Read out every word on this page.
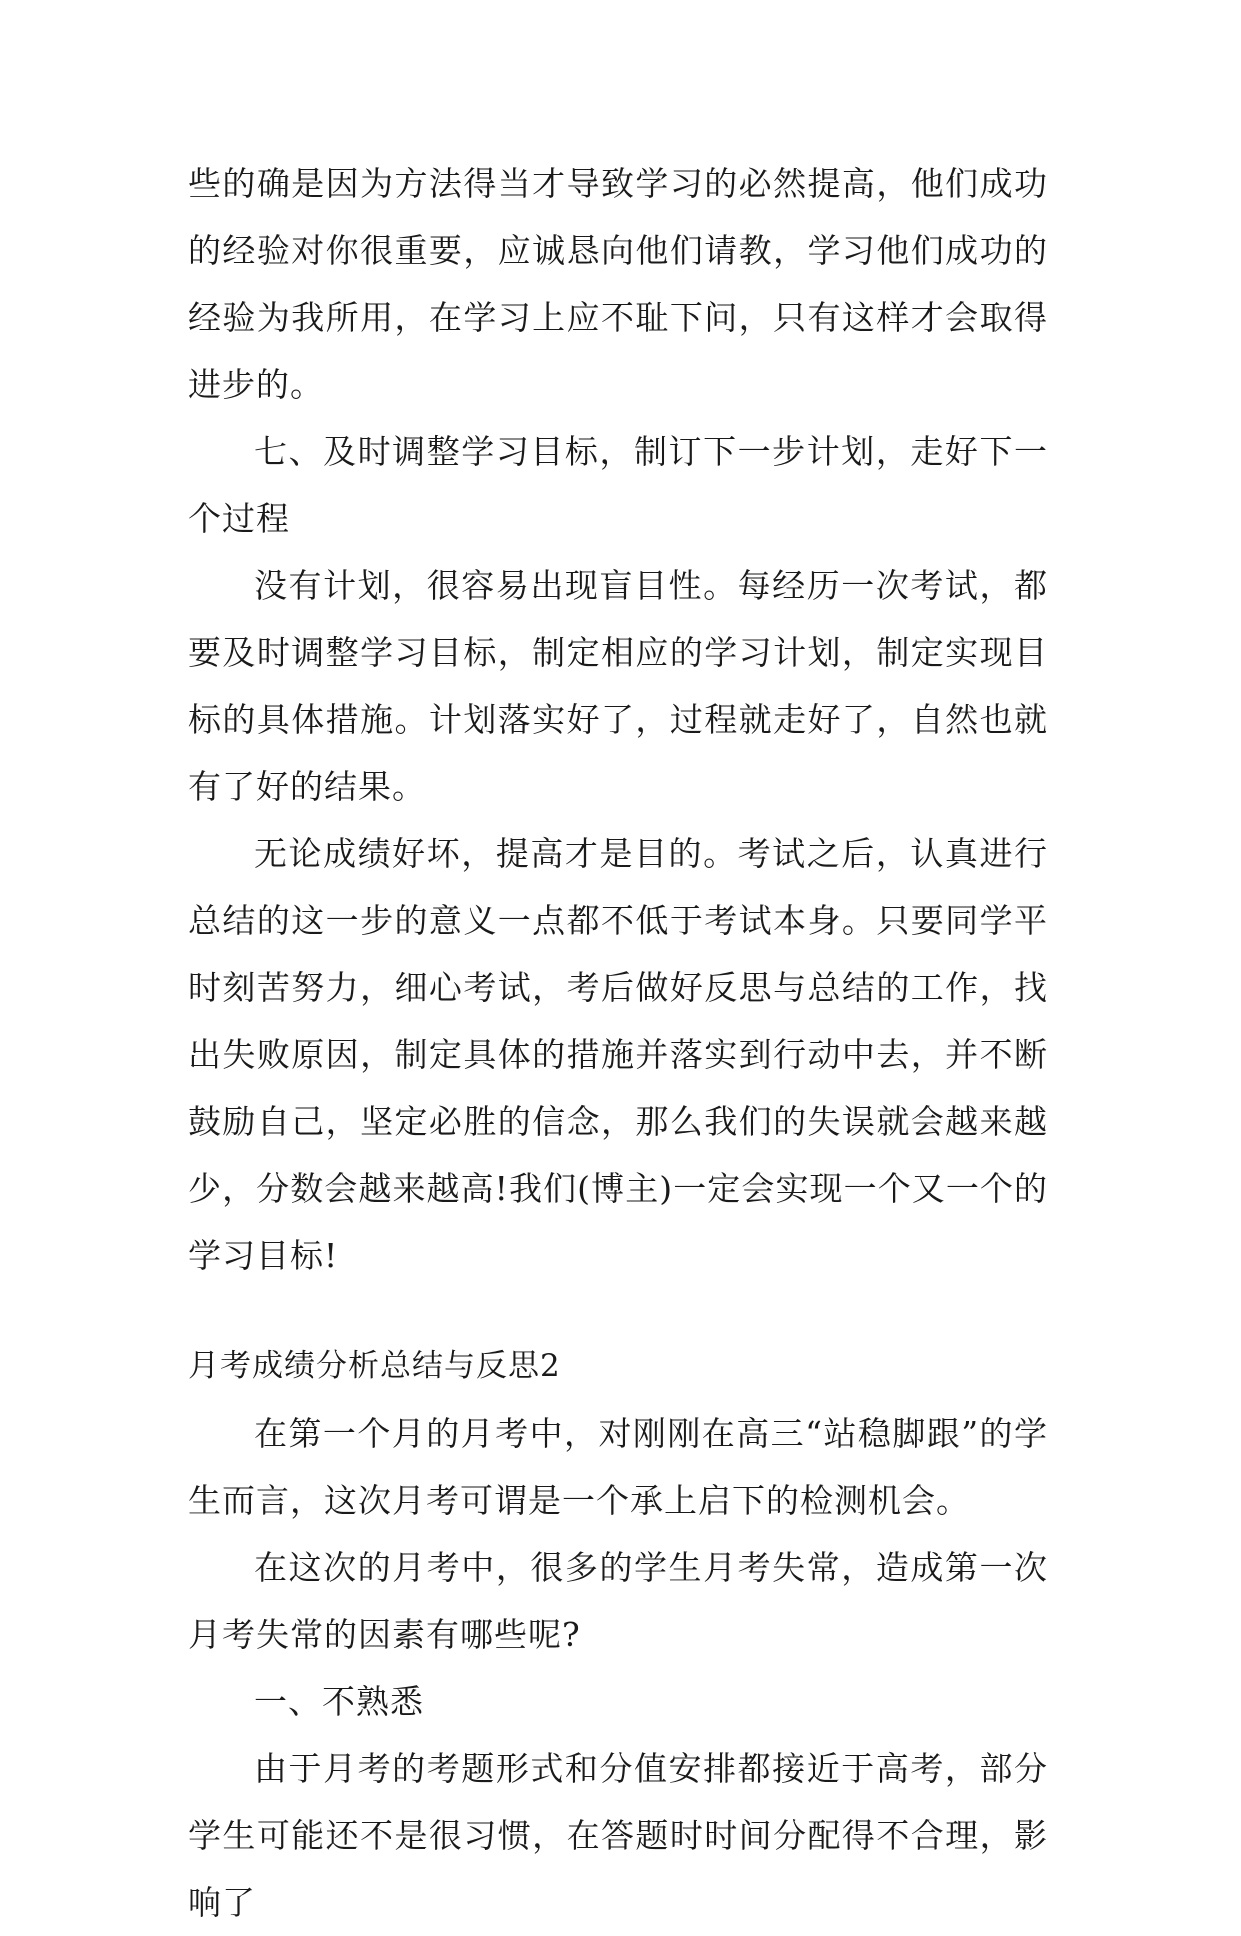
些的确是因为方法得当才导致学习的必然提高，他们成功的经验对你很重要，应诚恳向他们请教，学习他们成功的经验为我所用，在学习上应不耻下问，只有这样才会取得进步的。

七、及时调整学习目标，制订下一步计划，走好下一个过程

没有计划，很容易出现盲目性。每经历一次考试，都要及时调整学习目标，制定相应的学习计划，制定实现目标的具体措施。计划落实好了，过程就走好了，自然也就有了好的结果。

无论成绩好坏，提高才是目的。考试之后，认真进行总结的这一步的意义一点都不低于考试本身。只要同学平时刻苦努力，细心考试，考后做好反思与总结的工作，找出失败原因，制定具体的措施并落实到行动中去，并不断鼓励自己，坚定必胜的信念，那么我们的失误就会越来越少，分数会越来越高!我们(博主)一定会实现一个又一个的学习目标!

月考成绩分析总结与反思2

在第一个月的月考中，对刚刚在高三“站稳脚跟”的学生而言，这次月考可谓是一个承上启下的检测机会。

在这次的月考中，很多的学生月考失常，造成第一次月考失常的因素有哪些呢?

一、不熟悉

由于月考的考题形式和分值安排都接近于高考，部分学生可能还不是很习惯，在答题时时间分配得不合理，影响了
